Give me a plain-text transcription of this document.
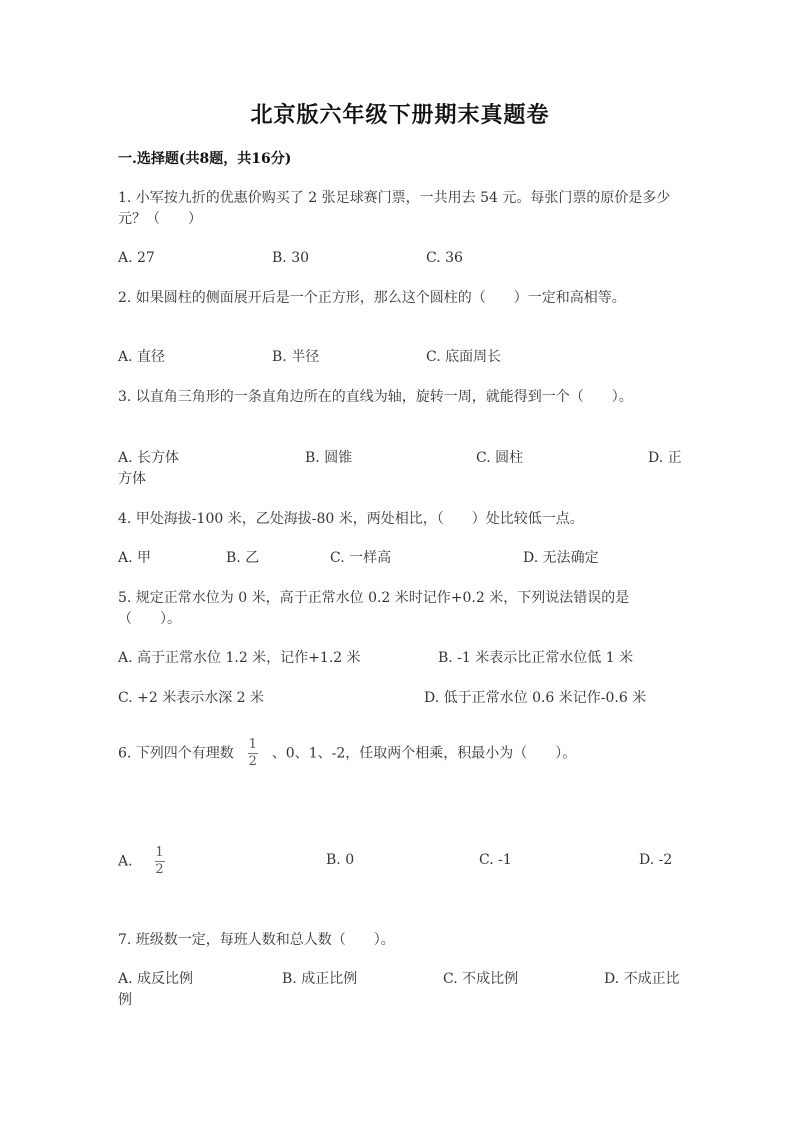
北京版六年级下册期末真题卷
一.选择题(共8题，共16分)
1. 小军按九折的优惠价购买了 2 张足球赛门票，一共用去 54 元。每张门票的原价是多少元？（　　）
A. 27	B. 30	C. 36
2. 如果圆柱的侧面展开后是一个正方形，那么这个圆柱的（　　）一定和高相等。
A. 直径	B. 半径	C. 底面周长
3. 以直角三角形的一条直角边所在的直线为轴，旋转一周，就能得到一个（　　）。
A. 长方体	B. 圆锥	C. 圆柱	D. 正方体
4. 甲处海拔-100 米，乙处海拔-80 米，两处相比，（　　）处比较低一点。
A. 甲	B. 乙	C. 一样高	D. 无法确定
5. 规定正常水位为 0 米，高于正常水位 0.2 米时记作+0.2 米，下列说法错误的是（　　）。
A. 高于正常水位 1.2 米，记作+1.2 米	B. -1 米表示比正常水位低 1 米
C. +2 米表示水深 2 米	D. 低于正常水位 0.6 米记作-0.6 米
6. 下列四个有理数 $\frac{1}{2}$ 、0、1、-2，任取两个相乘，积最小为（　　）。
A. $\frac{1}{2}$	B. 0	C. -1	D. -2
7. 班级数一定，每班人数和总人数（　　）。
A. 成反比例	B. 成正比例	C. 不成比例	D. 不成正比例
